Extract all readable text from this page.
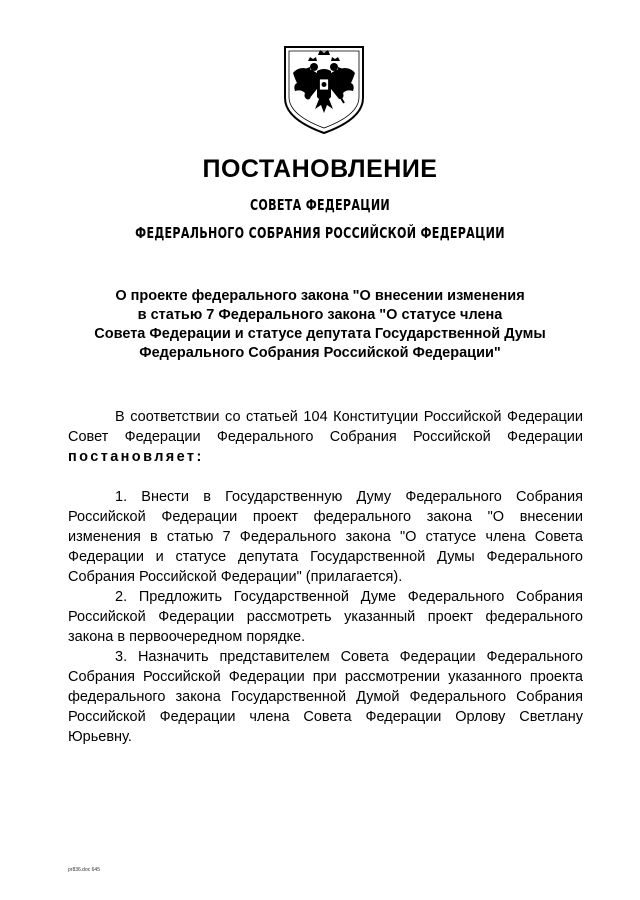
ПОСТАНОВЛЕНИЕ
СОВЕТА ФЕДЕРАЦИИ
ФЕДЕРАЛЬНОГО СОБРАНИЯ РОССИЙСКОЙ ФЕДЕРАЦИИ
О проекте федерального закона "О внесении изменения
в статью 7 Федерального закона "О статусе члена
Совета Федерации и статусе депутата Государственной Думы
Федерального Собрания Российской Федерации"

В соответствии со статьей 104 Конституции Российской Федерации Совет Федерации Федерального Собрания Российской Федерации постановляет:

1. Внести в Государственную Думу Федерального Собрания Российской Федерации проект федерального закона "О внесении изменения в статью 7 Федерального закона "О статусе члена Совета Федерации и статусе депутата Государственной Думы Федерального Собрания Российской Федерации" (прилагается).

2. Предложить Государственной Думе Федерального Собрания Российской Федерации рассмотреть указанный проект федерального закона в первоочередном порядке.

3. Назначить представителем Совета Федерации Федерального Собрания Российской Федерации при рассмотрении указанного проекта федерального закона Государственной Думой Федерального Собрания Российской Федерации члена Совета Федерации Орлову Светлану Юрьевну.

pr836.doc 645
